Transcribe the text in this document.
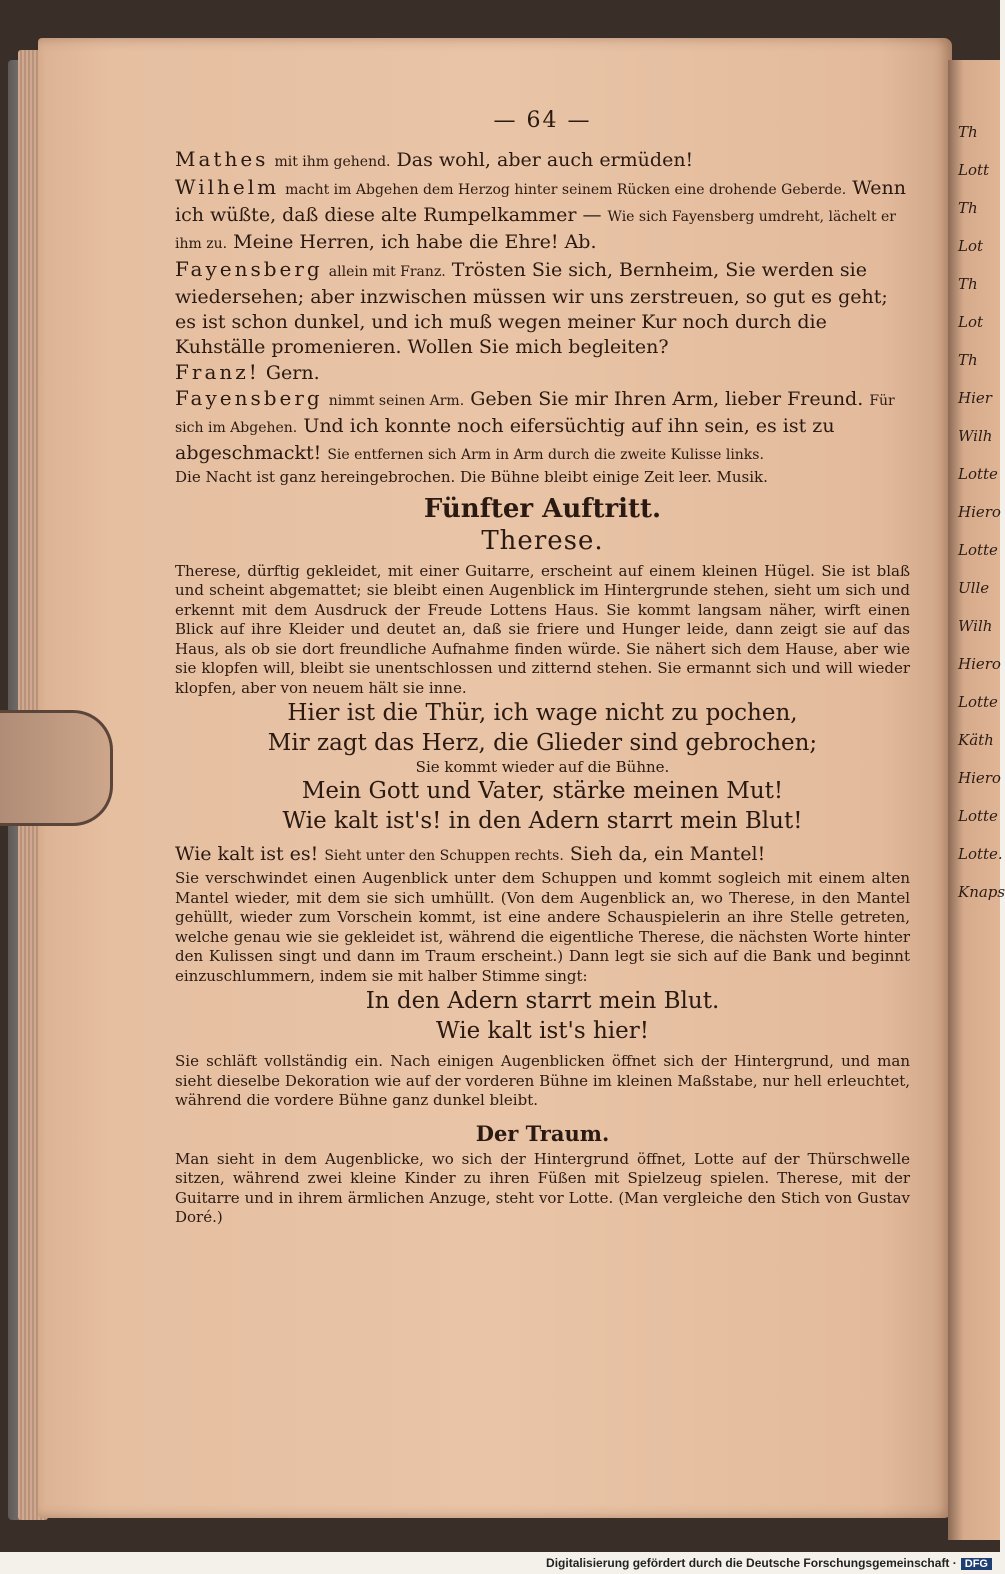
Th
Lott
Th
Lot
Th
Lot
Th
Hier
Wilh
Lotte
Hiero
Lotte
Ulle
Wilh
Hiero
Lotte
Käth
Hiero
Lotte
Lotte.
Knaps

— 64 —

Mathes mit ihm gehend. Das wohl, aber auch ermüden!

Wilhelm macht im Abgehen dem Herzog hinter seinem Rücken eine drohende Geberde. Wenn ich wüßte, daß diese alte Rumpelkammer — Wie sich Fayensberg umdreht, lächelt er ihm zu. Meine Herren, ich habe die Ehre! Ab.

Fayensberg allein mit Franz. Trösten Sie sich, Bernheim, Sie werden sie wiedersehen; aber inzwischen müssen wir uns zerstreuen, so gut es geht; es ist schon dunkel, und ich muß wegen meiner Kur noch durch die Kuhställe promenieren. Wollen Sie mich begleiten?

Franz! Gern.

Fayensberg nimmt seinen Arm. Geben Sie mir Ihren Arm, lieber Freund. Für sich im Abgehen. Und ich konnte noch eifersüchtig auf ihn sein, es ist zu abgeschmackt! Sie entfernen sich Arm in Arm durch die zweite Kulisse links.

Die Nacht ist ganz hereingebrochen. Die Bühne bleibt einige Zeit leer. Musik.

Fünfter Auftritt.

Therese.

Therese, dürftig gekleidet, mit einer Guitarre, erscheint auf einem kleinen Hügel. Sie ist blaß und scheint abgemattet; sie bleibt einen Augenblick im Hintergrunde stehen, sieht um sich und erkennt mit dem Ausdruck der Freude Lottens Haus. Sie kommt langsam näher, wirft einen Blick auf ihre Kleider und deutet an, daß sie friere und Hunger leide, dann zeigt sie auf das Haus, als ob sie dort freundliche Aufnahme finden würde. Sie nähert sich dem Hause, aber wie sie klopfen will, bleibt sie unentschlossen und zitternd stehen. Sie ermannt sich und will wieder klopfen, aber von neuem hält sie inne.

Hier ist die Thür, ich wage nicht zu pochen,

Mir zagt das Herz, die Glieder sind gebrochen;

Sie kommt wieder auf die Bühne.

Mein Gott und Vater, stärke meinen Mut!

Wie kalt ist's! in den Adern starrt mein Blut!

Wie kalt ist es! Sieht unter den Schuppen rechts. Sieh da, ein Mantel!

Sie verschwindet einen Augenblick unter dem Schuppen und kommt sogleich mit einem alten Mantel wieder, mit dem sie sich umhüllt. (Von dem Augenblick an, wo Therese, in den Mantel gehüllt, wieder zum Vorschein kommt, ist eine andere Schauspielerin an ihre Stelle getreten, welche genau wie sie gekleidet ist, während die eigentliche Therese, die nächsten Worte hinter den Kulissen singt und dann im Traum erscheint.) Dann legt sie sich auf die Bank und beginnt einzuschlummern, indem sie mit halber Stimme singt:

In den Adern starrt mein Blut.

Wie kalt ist's hier!

Sie schläft vollständig ein. Nach einigen Augenblicken öffnet sich der Hintergrund, und man sieht dieselbe Dekoration wie auf der vorderen Bühne im kleinen Maßstabe, nur hell erleuchtet, während die vordere Bühne ganz dunkel bleibt.

Der Traum.

Man sieht in dem Augenblicke, wo sich der Hintergrund öffnet, Lotte auf der Thürschwelle sitzen, während zwei kleine Kinder zu ihren Füßen mit Spielzeug spielen. Therese, mit der Guitarre und in ihrem ärmlichen Anzuge, steht vor Lotte. (Man vergleiche den Stich von Gustav Doré.)

Digitalisierung gefördert durch die Deutsche Forschungsgemeinschaft · DFG
